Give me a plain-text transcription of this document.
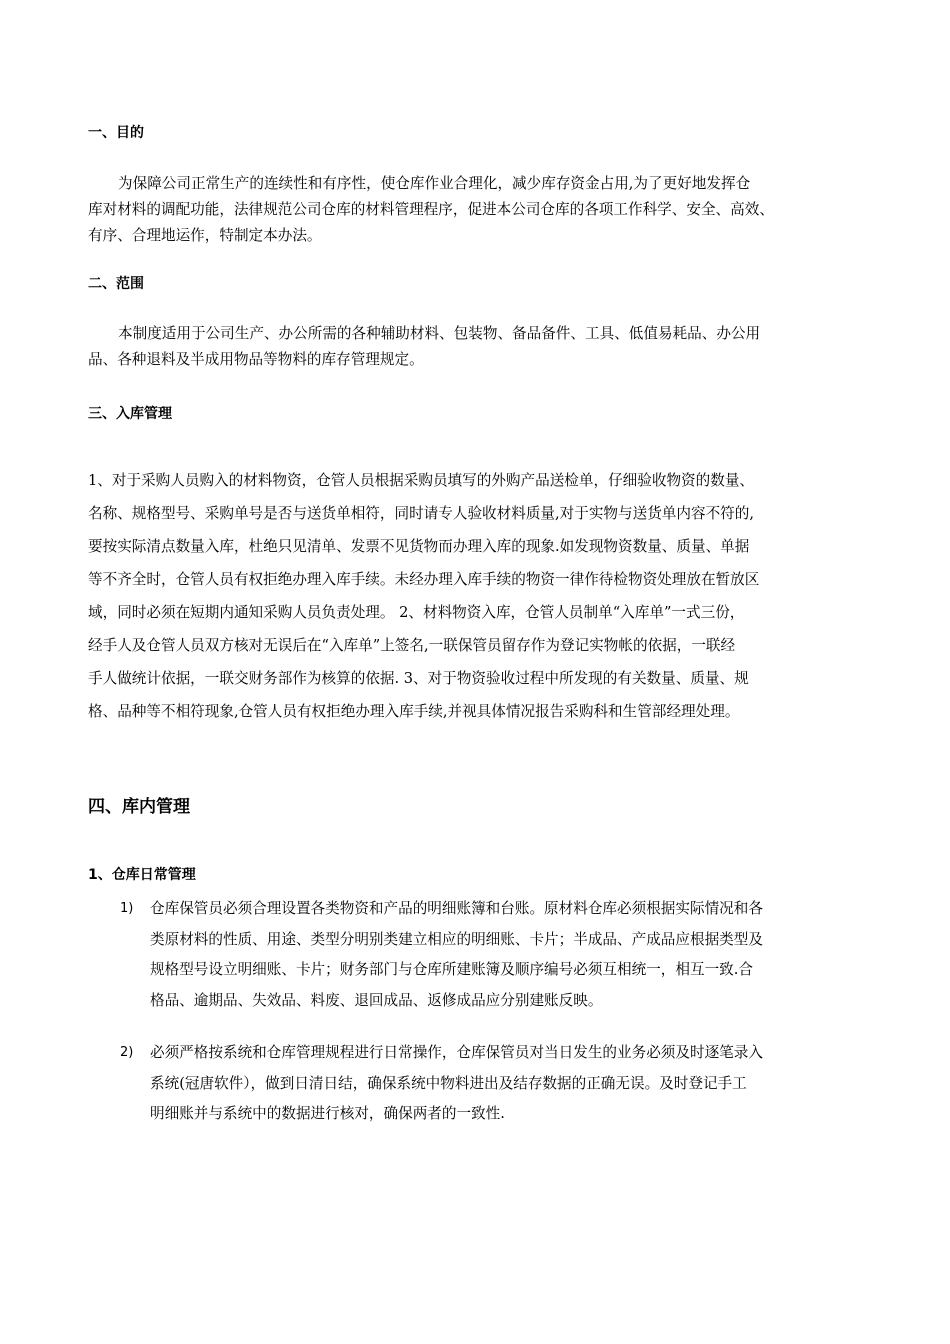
一、目的
为保障公司正常生产的连续性和有序性，使仓库作业合理化，减少库存资金占用,为了更好地发挥仓
库对材料的调配功能，法律规范公司仓库的材料管理程序，促进本公司仓库的各项工作科学、安全、高效、
有序、合理地运作，特制定本办法。
二、范围
本制度适用于公司生产、办公所需的各种辅助材料、包装物、备品备件、工具、低值易耗品、办公用
品、各种退料及半成用物品等物料的库存管理规定。
三、入库管理
1、对于采购人员购入的材料物资，仓管人员根据采购员填写的外购产品送检单，仔细验收物资的数量、
名称、规格型号、采购单号是否与送货单相符，同时请专人验收材料质量,对于实物与送货单内容不符的,
要按实际清点数量入库，杜绝只见清单、发票不见货物而办理入库的现象.如发现物资数量、质量、单据
等不齐全时，仓管人员有权拒绝办理入库手续。未经办理入库手续的物资一律作待检物资处理放在暂放区
域，同时必须在短期内通知采购人员负责处理。 2、材料物资入库，仓管人员制单“入库单”一式三份，
经手人及仓管人员双方核对无误后在“入库单”上签名,一联保管员留存作为登记实物帐的依据，一联经
手人做统计依据，一联交财务部作为核算的依据. 3、对于物资验收过程中所发现的有关数量、质量、规
格、品种等不相符现象,仓管人员有权拒绝办理入库手续,并视具体情况报告采购科和生管部经理处理。
四、库内管理
1、仓库日常管理
1)	仓库保管员必须合理设置各类物资和产品的明细账簿和台账。原材料仓库必须根据实际情况和各
类原材料的性质、用途、类型分明别类建立相应的明细账、卡片；半成品、产成品应根据类型及
规格型号设立明细账、卡片；财务部门与仓库所建账簿及顺序编号必须互相统一，相互一致.合
格品、逾期品、失效品、料废、退回成品、返修成品应分别建账反映。
2)	必须严格按系统和仓库管理规程进行日常操作，仓库保管员对当日发生的业务必须及时逐笔录入
系统(冠唐软件），做到日清日结，确保系统中物料进出及结存数据的正确无误。及时登记手工
明细账并与系统中的数据进行核对，确保两者的一致性.
